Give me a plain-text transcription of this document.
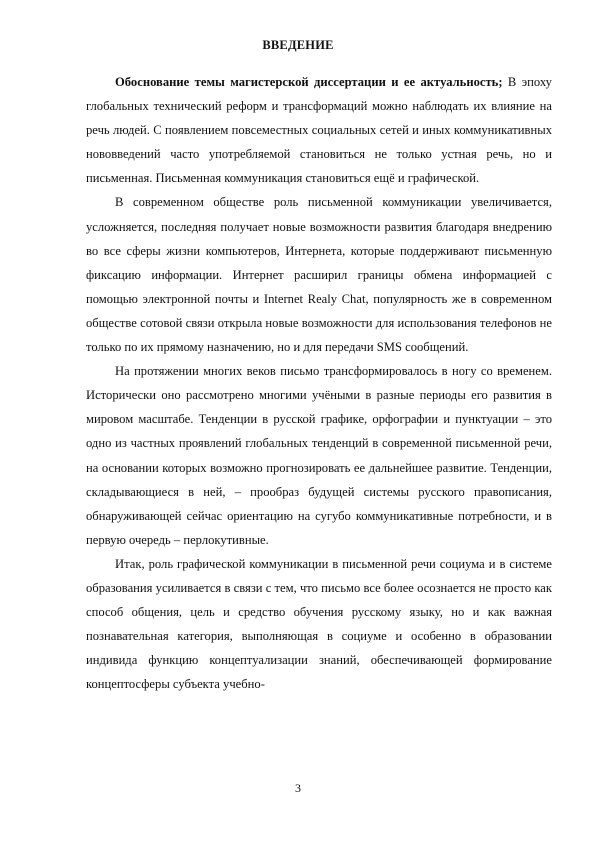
ВВЕДЕНИЕ

Обоснование темы магистерской диссертации и ее актуальность; В эпоху глобальных технический реформ и трансформаций можно наблюдать их влияние на речь людей. С появлением повсеместных социальных сетей и иных коммуникативных нововведений часто употребляемой становиться не только устная речь, но и письменная. Письменная коммуникация становиться ещё и графической.

В современном обществе роль письменной коммуникации увеличивается, усложняется, последняя получает новые возможности развития благодаря внедрению во все сферы жизни компьютеров, Интернета, которые поддерживают письменную фиксацию информации. Интернет расширил границы обмена информацией с помощью электронной почты и Internet Realy Chat, популярность же в современном обществе сотовой связи открыла новые возможности для использования телефонов не только по их прямому назначению, но и для передачи SMS сообщений.

На протяжении многих веков письмо трансформировалось в ногу со временем. Исторически оно рассмотрено многими учёными в разные периоды его развития в мировом масштабе. Тенденции в русской графике, орфографии и пунктуации – это одно из частных проявлений глобальных тенденций в современной письменной речи, на основании которых возможно прогнозировать ее дальнейшее развитие. Тенденции, складывающиеся в ней, – прообраз будущей системы русского правописания, обнаруживающей сейчас ориентацию на сугубо коммуникативные потребности, и в первую очередь – перлокутивные.

Итак, роль графической коммуникации в письменной речи социума и в системе образования усиливается в связи с тем, что письмо все более осознается не просто как способ общения, цель и средство обучения русскому языку, но и как важная познавательная категория, выполняющая в социуме и особенно в образовании индивида функцию концептуализации знаний, обеспечивающей формирование концептосферы субъекта учебно-

3
